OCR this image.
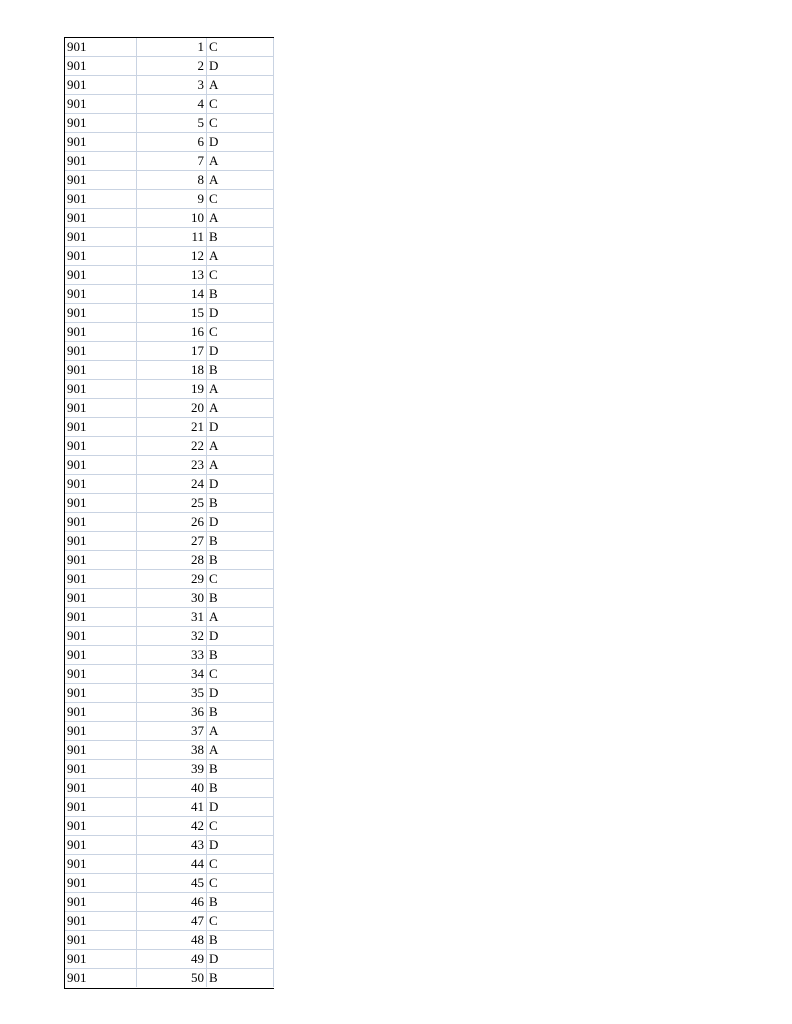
901	1 C
901	2 D
901	3 A
901	4 C
901	5 C
901	6 D
901	7 A
901	8 A
901	9 C
901	10 A
901	11 B
901	12 A
901	13 C
901	14 B
901	15 D
901	16 C
901	17 D
901	18 B
901	19 A
901	20 A
901	21 D
901	22 A
901	23 A
901	24 D
901	25 B
901	26 D
901	27 B
901	28 B
901	29 C
901	30 B
901	31 A
901	32 D
901	33 B
901	34 C
901	35 D
901	36 B
901	37 A
901	38 A
901	39 B
901	40 B
901	41 D
901	42 C
901	43 D
901	44 C
901	45 C
901	46 B
901	47 C
901	48 B
901	49 D
901	50 B
